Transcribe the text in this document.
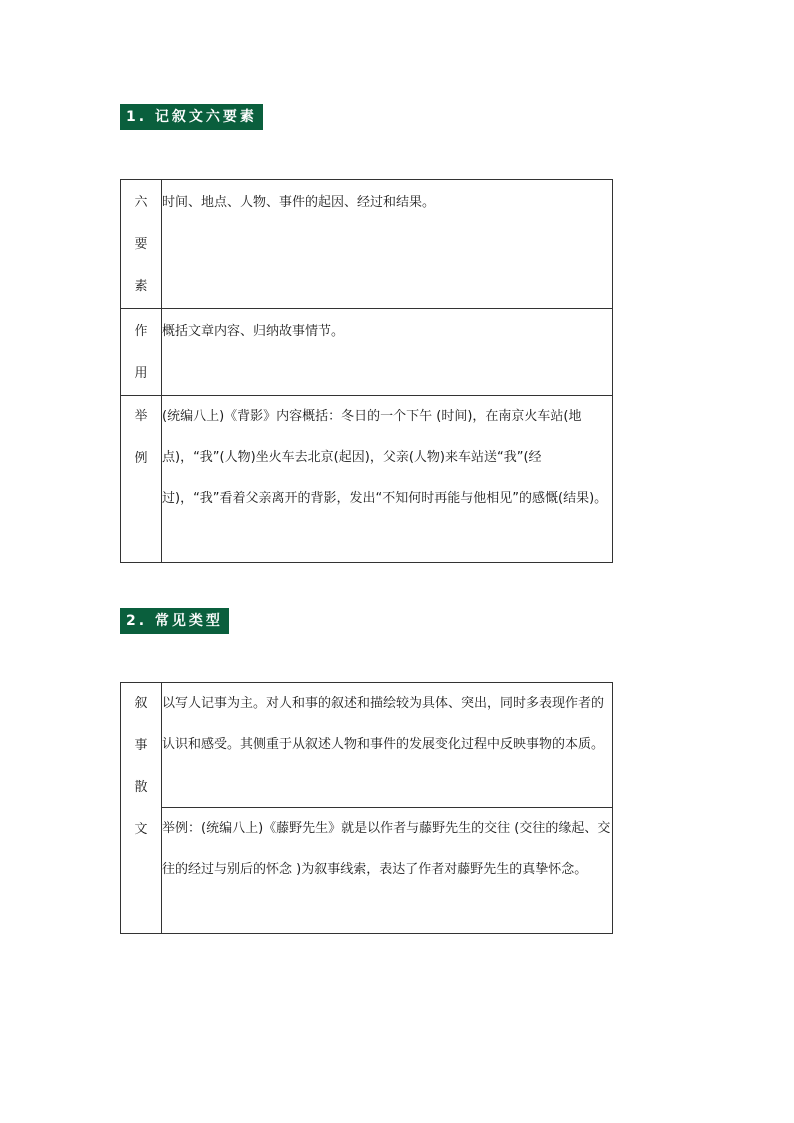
1. 记叙文六要素
六
要
素	时间、地点、人物、事件的起因、经过和结果。

作
用	概括文章内容、归纳故事情节。

举
例	(统编八上)《背影》内容概括：冬日的一个下午 (时间)，在南京火车站(地点)，“我”(人物)坐火车去北京(起因)，父亲(人物)来车站送“我”(经过)，“我”看着父亲离开的背影，发出“不知何时再能与他相见”的感慨(结果)。
2. 常见类型
叙
事
散
文
	以写人记事为主。对人和事的叙述和描绘较为具体、突出，同时多表现作者的认识和感受。其侧重于从叙述人物和事件的发展变化过程中反映事物的本质。
举例：(统编八上)《藤野先生》就是以作者与藤野先生的交往 (交往的缘起、交往的经过与别后的怀念 )为叙事线索，表达了作者对藤野先生的真挚怀念。
